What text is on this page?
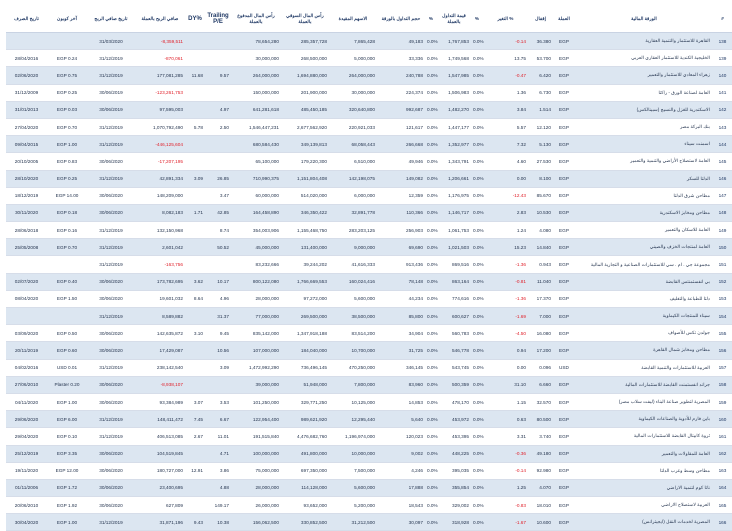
تاريخ الصرف	آخر كوبون	تاريخ صافي الربح	صافي الربح بالعملة	DY%	Trailing P/E	رأس المال المدفوع بالعملة	رأس المال السوقي بالعملة	الاسهم المقيدة	حجم التداول بالورقة	%	قيمة التداول بالعملة	%	التغير %	إقفال	العملة	الورقة المالية	#
		31/03/2020	-8,359,511			78,654,280	285,357,728	7,865,428	49,183	0.0%	1,767,853	0.0%	-0.14	36.380	EGP	القاهرة للاستثمار والتنمية العقارية	138
28/04/2016	EGP 0.24	31/12/2019	-870,061			30,000,000	268,500,000	5,000,000	33,336	0.0%	1,749,568	0.0%	13.75	53.700	EGP	الخليجية الكندية للاستثمار العقاري العربي	139
02/06/2020	EGP 0.75	31/12/2019	177,081,285	11.68	9.57	264,000,000	1,694,880,000	264,000,000	240,788	0.0%	1,547,985	0.0%	-0.47	6.420	EGP	زهراء المعادي للاستثمار والتعمير	140
31/12/2009	EGP 0.25	30/06/2019	-123,261,753			150,000,000	201,900,000	30,000,000	224,374	0.0%	1,506,983	0.0%	1.36	6.730	EGP	العامة لصناعة الورق - راكتا	141
31/01/2013	EGP 0.03	30/06/2019	97,595,003		4.97	641,281,618	485,450,185	320,640,800	992,687	0.0%	1,482,270	0.0%	3.84	1.514	EGP	الاسكندرية للغزل والنسيج (سبينالكس)	142
27/04/2020	EGP 0.70	31/12/2019	1,070,792,490	5.78	2.50	1,546,447,231	2,677,562,920	220,921,033	121,617	0.0%	1,447,177	0.0%	5.57	12.120	EGP	بنك البركة مصر	143
09/04/2015	EGP 1.00	31/12/2019	-446,125,604			680,584,430	349,139,813	68,058,443	266,668	0.0%	1,352,977	0.0%	7.32	5.130	EGP	اسمنت سيناء	144
20/10/2005	EGP 0.83	30/06/2020	-17,207,195			65,100,000	179,220,300	6,510,000	49,946	0.0%	1,343,791	0.0%	4.60	27.530	EGP	العامة لاستصلاح الأراضي والتنمية والتعمير	145
28/10/2020	EGP 0.25	31/12/2019	42,891,334	3.09	26.85	710,990,375	1,151,804,408	142,198,075	149,082	0.0%	1,206,661	0.0%	0.00	8.100	EGP	الدلتا للسكر	146
18/12/2019	EGP 14.00	30/06/2020	148,209,000		3.47	60,000,000	514,020,000	6,000,000	12,359	0.0%	1,176,975	0.0%	-12.43	85.670	EGP	مطاحن شرق الدلتا	147
30/11/2020	EGP 0.18	30/06/2020	8,082,183	1.71	42.85	164,458,890	346,350,422	32,891,778	110,366	0.0%	1,146,717	0.0%	2.83	10.530	EGP	مطاحن ومخابز الاسكندرية	148
28/06/2018	EGP 0.16	31/12/2019	132,150,968		8.74	354,003,906	1,155,468,750	283,203,125	256,903	0.0%	1,061,753	0.0%	1.24	4.080	EGP	العامة للاسكان والتعمير	149
25/05/2008	EGP 0.70	31/12/2019	2,601,042		50.52	45,000,000	131,400,000	9,000,000	69,690	0.0%	1,021,503	0.0%	15.23	14.840	EGP	العامة لمنتجات الخزف والصيني	150
		31/12/2019	-163,756			83,232,666	39,244,202	41,616,333	913,436	0.0%	869,516	0.0%	-1.36	0.943	EGP	مجموعة جي . ام . سي للاستثمارات الصناعية و التجارية المالية	151
02/07/2020	EGP 0.40	30/06/2020	173,782,695	3.62	10.17	800,122,080	1,766,669,553	160,024,416	78,148	0.0%	863,164	0.0%	-0.81	11.040	EGP	بي انفستمنتس القابضة	152
08/04/2020	EGP 1.50	30/06/2020	19,601,032	8.64	4.96	28,000,000	97,272,000	5,600,000	44,234	0.0%	774,616	0.0%	-1.36	17.370	EGP	دلتا للطباعة والتغليف	153
		31/12/2019	8,589,882		31.37	77,000,000	269,500,000	38,500,000	85,800	0.0%	600,627	0.0%	-1.69	7.000	EGP	سيناء للمنتجات الكيماوية	154
03/09/2020	EGP 0.50	30/06/2020	142,635,872	3.10	9.45	835,142,000	1,347,918,188	83,514,200	34,904	0.0%	560,783	0.0%	-4.50	16.080	EGP	جولدن تكس للأصواف	155
20/11/2019	EGP 0.60	30/06/2020	17,429,087		10.56	107,000,000	184,040,000	10,700,000	31,725	0.0%	546,778	0.0%	0.94	17.200	EGP	مطاحن ومخابز شمال القاهرة	156
04/02/2016	USD 0.01	31/12/2019	238,142,540		3.09	1,472,992,290	736,496,145	470,250,000	346,145	0.0%	543,745	0.0%	0.00	0.096	USD	العربية للاستثمارات والتنمية القابضة	157
27/06/2010	Plaster 0.20	30/06/2020	-8,938,107			39,000,000	51,948,000	7,800,000	83,960	0.0%	500,359	0.0%	31.10	6.660	EGP	جراند انفستمنت القابضة للاستثمارات المالية	158
04/11/2020	EGP 1.00	30/06/2020	93,384,989	3.07	3.53	101,250,000	329,771,250	10,125,000	14,853	0.0%	478,170	0.0%	1.15	32.570	EGP	المصرية لتطوير صناعة البناء (ليفت سلاب مصر)	159
29/06/2020	EGP 6.00	31/12/2019	148,411,472	7.45	6.67	122,954,400	989,621,920	12,295,440	5,640	0.0%	453,972	0.0%	0.63	80.500	EGP	باين فارم للأدوية والصناعات الكيماوية	160
29/04/2020	EGP 0.10	31/12/2019	406,513,085	2.67	11.01	191,515,840	4,476,682,760	1,196,974,000	120,023	0.0%	453,395	0.0%	3.31	3.740	EGP	ثروة كابيتال القابضة للاستثمارات المالية	161
25/12/2019	EGP 3.35	30/06/2020	104,519,845		4.71	100,000,000	491,800,000	10,000,000	9,002	0.0%	448,225	0.0%	-0.36	49.180	EGP	العامة للمقاولات والتعمير	162
19/11/2020	EGP 12.00	30/06/2020	180,727,000	12.91	3.86	75,000,000	697,350,000	7,500,000	4,246	0.0%	395,035	0.0%	-0.14	92.980	EGP	مطاحن وسط وغرب الدلتا	163
01/11/2006	EGP 1.72	30/06/2020	23,400,695		4.88	28,000,000	114,128,000	5,600,000	17,888	0.0%	355,854	0.0%	1.25	4.070	EGP	ناتا كوم لتنمية الاراضي	164
20/06/2010	EGP 1.92	30/06/2020	627,809		149.17	26,000,000	93,652,000	5,200,000	18,543	0.0%	329,002	0.0%	-0.83	18.010	EGP	العربية لاستصلاح الاراضي	165
30/04/2020	EGP 1.00	31/12/2019	31,871,196	9.43	10.38	156,062,500	330,852,500	31,212,500	30,097	0.0%	318,928	0.0%	-1.67	10.600	EGP	المصرية لخدمات النقل (ايجيترانس)	166
